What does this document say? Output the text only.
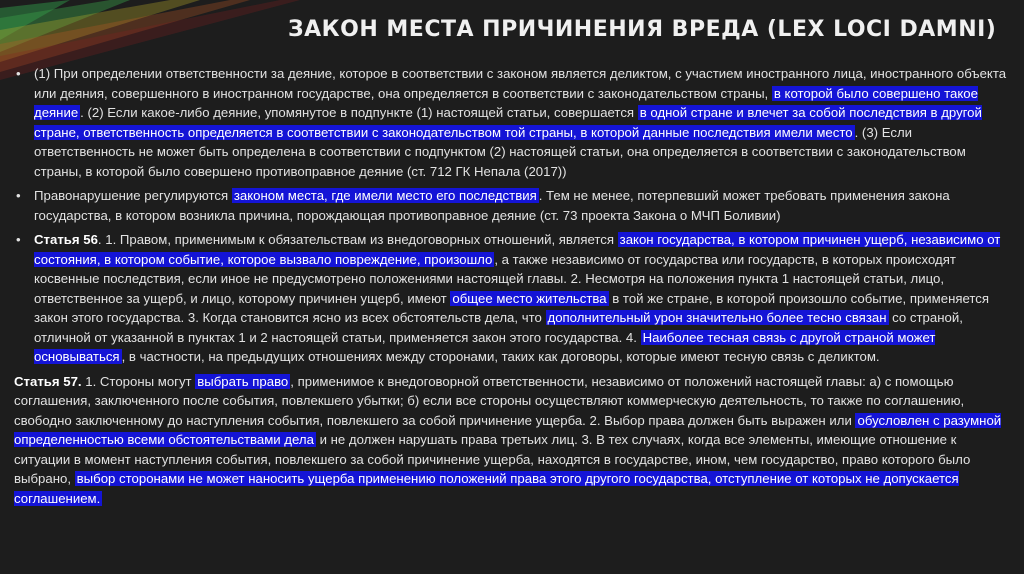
ЗАКОН МЕСТА ПРИЧИНЕНИЯ ВРЕДА (LEX LOCI DAMNI)

• (1) При определении ответственности за деяние, которое в соответствии с законом является деликтом, с участием иностранного лица, иностранного объекта или деяния, совершенного в иностранном государстве, она определяется в соответствии с законодательством страны, в которой было совершено такое деяние . (2) Если какое-либо деяние, упомянутое в подпункте (1) настоящей статьи, совершается в одной стране и влечет за собой последствия в другой стране, ответственность определяется в соответствии с законодательством той страны, в которой данные последствия имели место . (3) Если ответственность не может быть определена в соответствии с подпунктом (2) настоящей статьи, она определяется в соответствии с законодательством страны, в которой было совершено противоправное деяние (ст. 712 ГК Непала (2017))

• Правонарушение регулируются законом места, где имели место его последствия . Тем не менее, потерпевший может требовать применения закона государства, в котором возникла причина, порождающая противоправное деяние (ст. 73 проекта Закона о МЧП Боливии)

• Статья 56. 1. Правом, применимым к обязательствам из внедоговорных отношений, является закон государства, в котором причинен ущерб, независимо от состояния, в котором событие, которое вызвало повреждение, произошло , а также независимо от государства или государств, в которых происходят косвенные последствия, если иное не предусмотрено положениями настоящей главы. 2. Несмотря на положения пункта 1 настоящей статьи, лицо, ответственное за ущерб, и лицо, которому причинен ущерб, имеют общее место жительства в той же стране, в которой произошло событие, применяется закон этого государства. 3. Когда становится ясно из всех обстоятельств дела, что дополнительный урон значительно более тесно связан со страной, отличной от указанной в пунктах 1 и 2 настоящей статьи, применяется закон этого государства. 4. Наиболее тесная связь с другой страной может основываться , в частности, на предыдущих отношениях между сторонами, таких как договоры, которые имеют тесную связь с деликтом.

Статья 57. 1. Стороны могут выбрать право , применимое к внедоговорной ответственности, независимо от положений настоящей главы: а) с помощью соглашения, заключенного после события, повлекшего убытки; б) если все стороны осуществляют коммерческую деятельность, то также по соглашению, свободно заключенному до наступления события, повлекшего за собой причинение ущерба. 2. Выбор права должен быть выражен или обусловлен с разумной определенностью всеми обстоятельствами дела и не должен нарушать права третьих лиц. 3. В тех случаях, когда все элементы, имеющие отношение к ситуации в момент наступления события, повлекшего за собой причинение ущерба, находятся в государстве, ином, чем государство, право которого было выбрано, выбор сторонами не может наносить ущерба применению положений права этого другого государства, отступление от которых не допускается соглашением.
